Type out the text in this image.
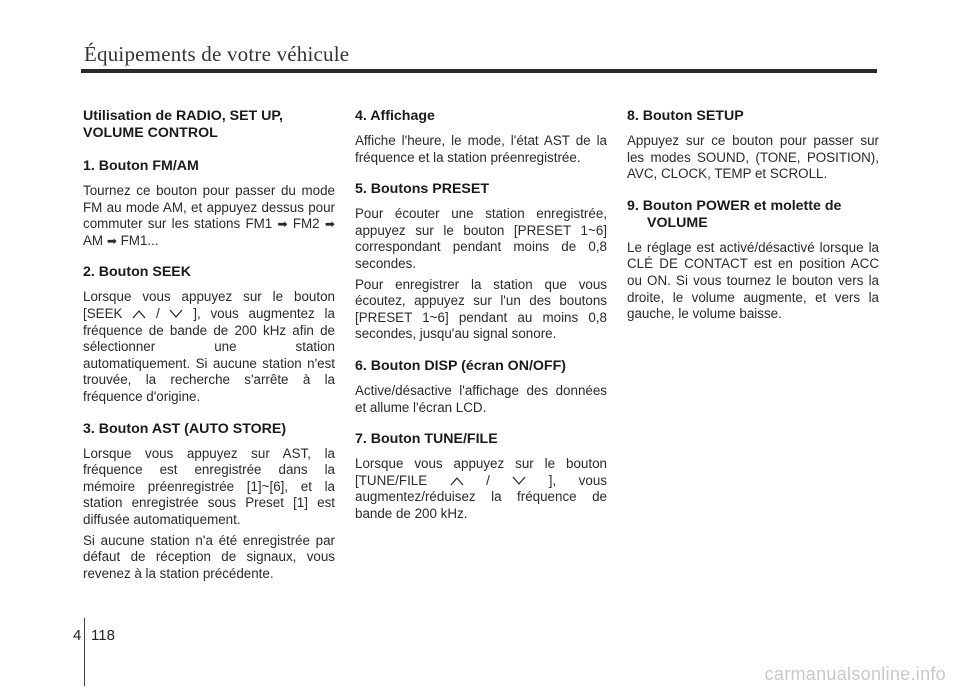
Équipements de votre véhicule
Utilisation de RADIO, SET UP,
VOLUME CONTROL
1. Bouton FM/AM

Tournez ce bouton pour passer du mode FM au mode AM, et appuyez dessus pour commuter sur les stations FM1 ➡ FM2 ➡ AM ➡ FM1...

2. Bouton SEEK

Lorsque vous appuyez sur le bouton [SEEK	/	], vous augmentez la fréquence de bande de 200 kHz afin de sélectionner une station automatiquement. Si aucune station n'est trouvée, la recherche s'arrête à la fréquence d'origine.

3. Bouton AST (AUTO STORE)

Lorsque vous appuyez sur AST, la fréquence est enregistrée dans la mémoire préenregistrée [1]~[6], et la station enregistrée sous Preset [1] est diffusée automatiquement.

Si aucune station n'a été enregistrée par défaut de réception de signaux, vous revenez à la station précédente.

4. Affichage

Affiche l'heure, le mode, l'état AST de la fréquence et la station préenregistrée.

5. Boutons PRESET

Pour écouter une station enregistrée, appuyez sur le bouton [PRESET 1~6] correspondant pendant moins de 0,8 secondes.

Pour enregistrer la station que vous écoutez, appuyez sur l'un des boutons [PRESET 1~6] pendant au moins 0,8 secondes, jusqu'au signal sonore.

6. Bouton DISP (écran ON/OFF)

Active/désactive l'affichage des données et allume l'écran LCD.

7. Bouton TUNE/FILE

Lorsque vous appuyez sur le bouton [TUNE/FILE	/	], vous augmentez/réduisez la fréquence de bande de 200 kHz.

8. Bouton SETUP

Appuyez sur ce bouton pour passer sur les modes SOUND, (TONE, POSITION), AVC, CLOCK, TEMP et SCROLL.

9. Bouton POWER et molette de
VOLUME

Le réglage est activé/désactivé lorsque la CLÉ DE CONTACT est en position ACC ou ON. Si vous tournez le bouton vers la droite, le volume augmente, et vers la gauche, le volume baisse.

4 118
carmanualsonline.info
